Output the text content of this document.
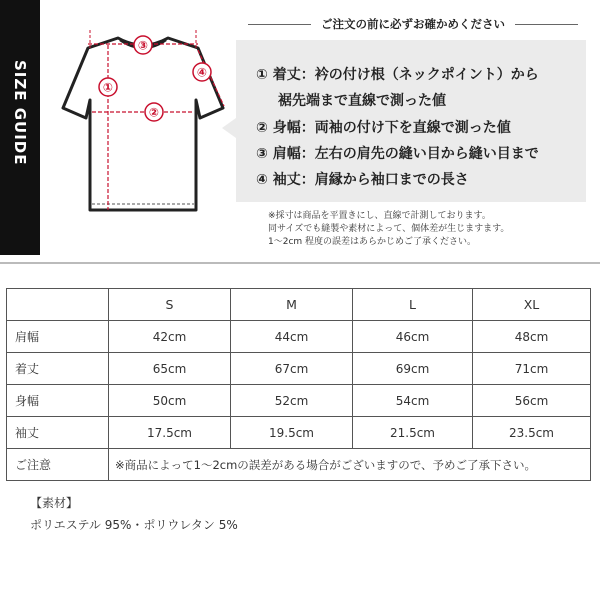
SIZE GUIDE
③
①
②
④
ご注文の前に必ずお確かめください
① 着丈：衿の付け根（ネックポイント）から
裾先端まで直線で測った値
② 身幅：両袖の付け下を直線で測った値
③ 肩幅：左右の肩先の縫い目から縫い目まで
④ 袖丈：肩縁から袖口までの長さ
※採寸は商品を平置きにし、直線で計測しております。
同サイズでも縫製や素材によって、個体差が生じますます。
1～2cm 程度の誤差はあらかじめご了承ください。
	S	M	L	XL
肩幅	42cm	44cm	46cm	48cm
着丈	65cm	67cm	69cm	71cm
身幅	50cm	52cm	54cm	56cm
袖丈	17.5cm	19.5cm	21.5cm	23.5cm
ご注意	※商品によって1～2cmの誤差がある場合がございますので、予めご了承下さい。			
【素材】
ポリエステル 95%・ポリウレタン 5%
